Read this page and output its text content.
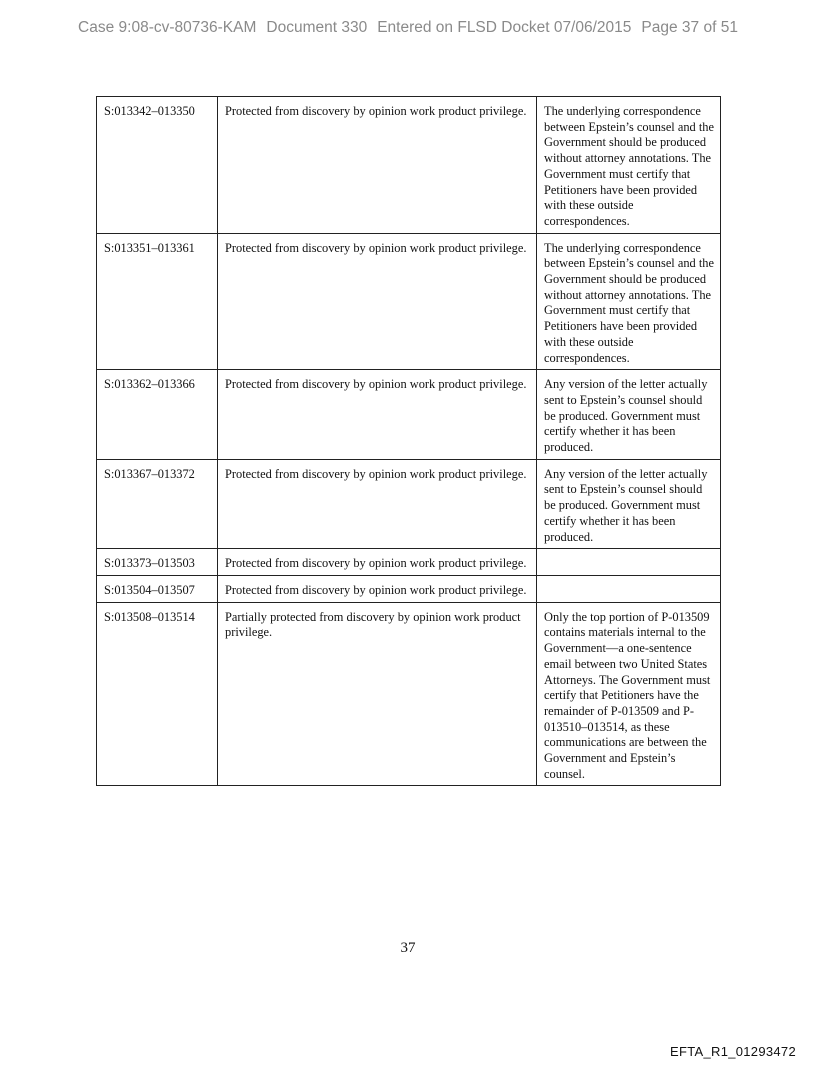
Case 9:08-cv-80736-KAM Document 330 Entered on FLSD Docket 07/06/2015 Page 37 of 51
S:013342–013350	Protected from discovery by opinion work product privilege.	The underlying correspondence between Epstein’s counsel and the Government should be produced without attorney annotations. The Government must certify that Petitioners have been provided with these outside correspondences.
S:013351–013361	Protected from discovery by opinion work product privilege.	The underlying correspondence between Epstein’s counsel and the Government should be produced without attorney annotations. The Government must certify that Petitioners have been provided with these outside correspondences.
S:013362–013366	Protected from discovery by opinion work product privilege.	Any version of the letter actually sent to Epstein’s counsel should be produced. Government must certify whether it has been produced.
S:013367–013372	Protected from discovery by opinion work product privilege.	Any version of the letter actually sent to Epstein’s counsel should be produced. Government must certify whether it has been produced.
S:013373–013503	Protected from discovery by opinion work product privilege.	
S:013504–013507	Protected from discovery by opinion work product privilege.	
S:013508–013514	Partially protected from discovery by opinion work product privilege.	Only the top portion of P-013509 contains materials internal to the Government—a one-sentence email between two United States Attorneys. The Government must certify that Petitioners have the remainder of P-013509 and P-013510–013514, as these communications are between the Government and Epstein’s counsel.
37
EFTA_R1_01293472
